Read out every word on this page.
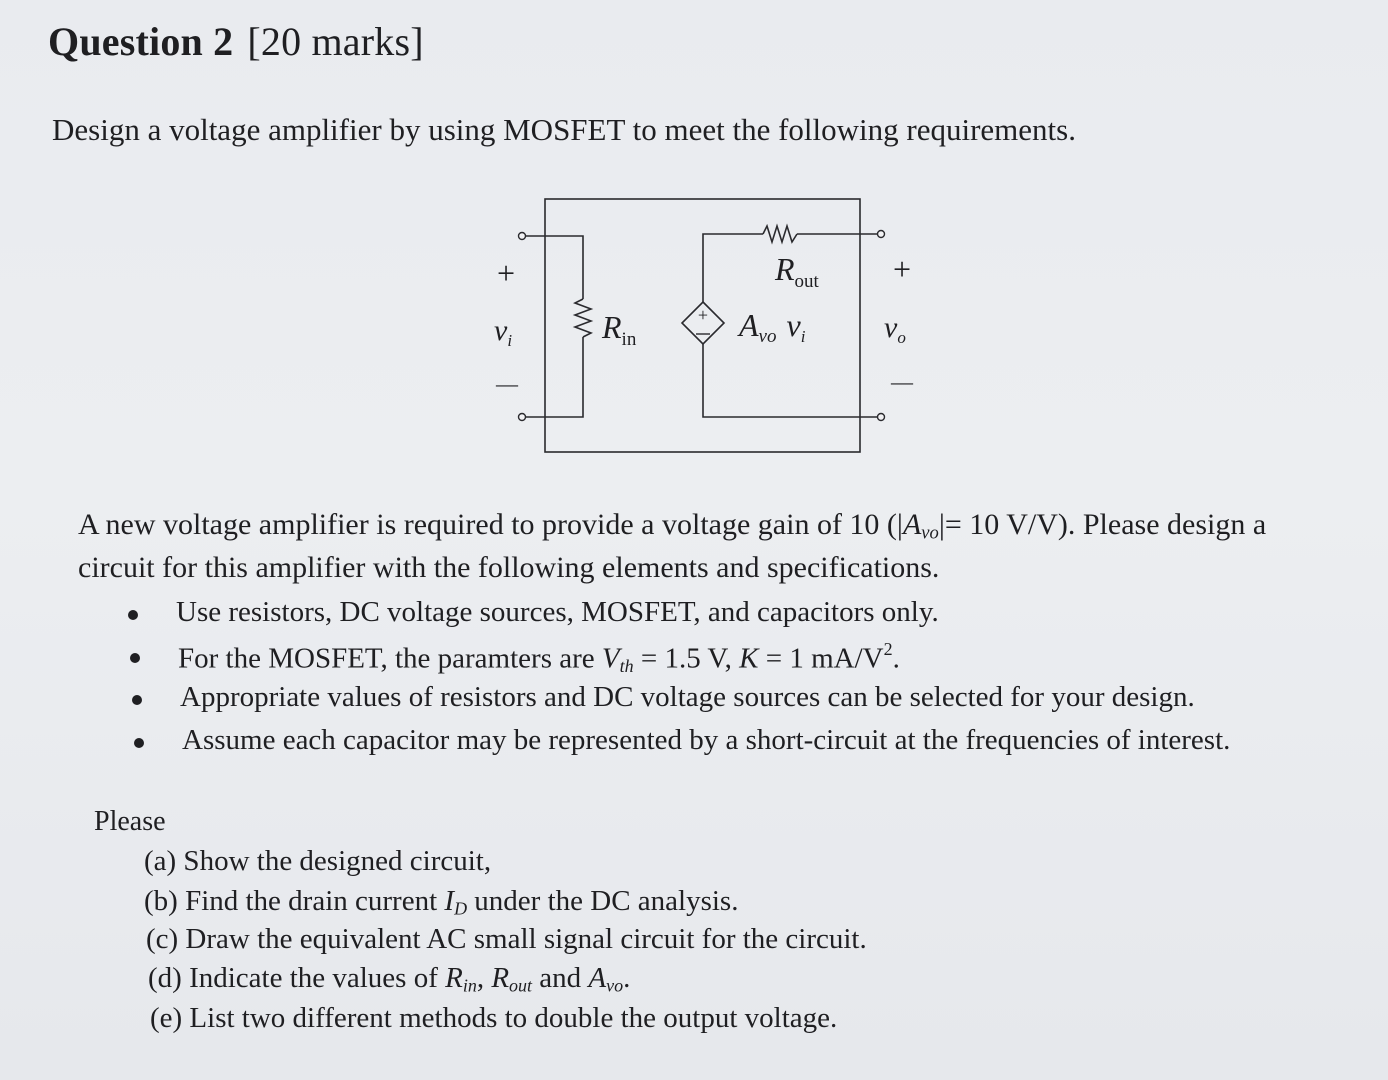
Question 2 [20 marks]
Design a voltage amplifier by using MOSFET to meet the following requirements.
+
+
$v_i$
—
$R_{in}$
$R_{out}$
Avo vi
+
$v_o$
—
A new voltage amplifier is required to provide a voltage gain of 10 ($|A_{vo}|= 10$ V/V). Please design a
circuit for this amplifier with the following elements and specifications.
Use resistors, DC voltage sources, MOSFET, and capacitors only.
For the MOSFET, the paramters are $V_{th} = 1.5$ V, K = 1 $mA/V^2$.
Appropriate values of resistors and DC voltage sources can be selected for your design.
Assume each capacitor may be represented by a short-circuit at the frequencies of interest.
Please
(a) Show the designed circuit,
(b) Find the drain current $I_D$ under the DC analysis.
(c) Draw the equivalent AC small signal circuit for the circuit.
(d) Indicate the values of $R_{in}$, $R_{out}$ and $A_{vo}$.
(e) List two different methods to double the output voltage.
